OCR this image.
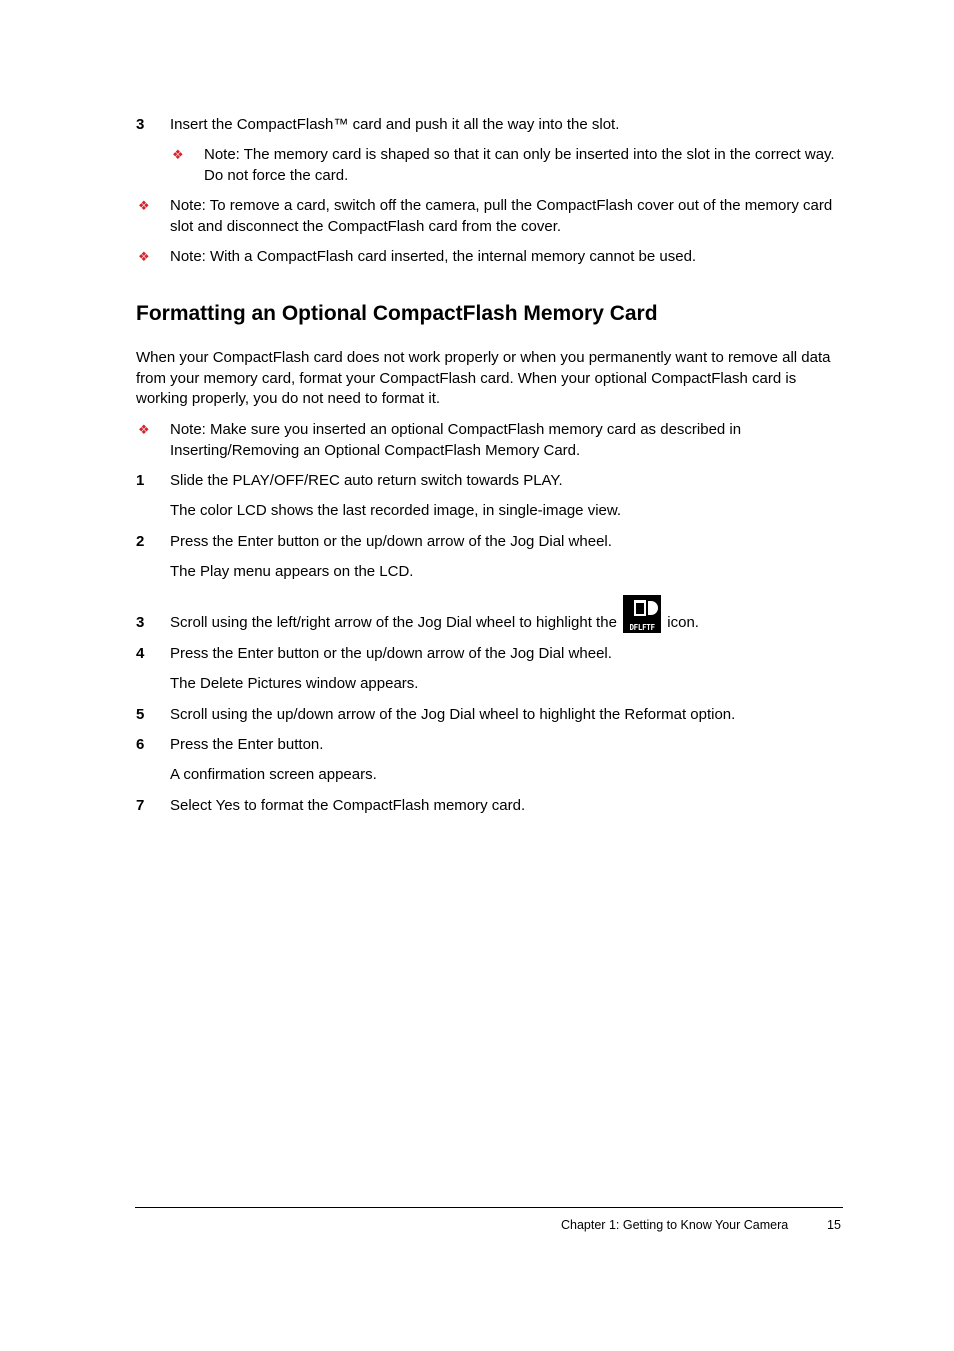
3 Insert the CompactFlash™ card and push it all the way into the slot.
❖ Note: The memory card is shaped so that it can only be inserted into the slot in the correct way. Do not force the card.
❖ Note: To remove a card, switch off the camera, pull the CompactFlash cover out of the memory card slot and disconnect the CompactFlash card from the cover.
❖ Note: With a CompactFlash card inserted, the internal memory cannot be used.
Formatting an Optional CompactFlash Memory Card
When your CompactFlash card does not work properly or when you permanently want to remove all data from your memory card, format your CompactFlash card. When your optional CompactFlash card is working properly, you do not need to format it.
❖ Note: Make sure you inserted an optional CompactFlash memory card as described in Inserting/Removing an Optional CompactFlash Memory Card.
1 Slide the PLAY/OFF/REC auto return switch towards PLAY.
The color LCD shows the last recorded image, in single-image view.
2 Press the Enter button or the up/down arrow of the Jog Dial wheel.
The Play menu appears on the LCD.
3 Scroll using the left/right arrow of the Jog Dial wheel to highlight the	DFLFTF icon.
4 Press the Enter button or the up/down arrow of the Jog Dial wheel.
The Delete Pictures window appears.
5 Scroll using the up/down arrow of the Jog Dial wheel to highlight the Reformat option.
6 Press the Enter button.
A confirmation screen appears.
7 Select Yes to format the CompactFlash memory card.
Chapter 1: Getting to Know Your Camera	15
